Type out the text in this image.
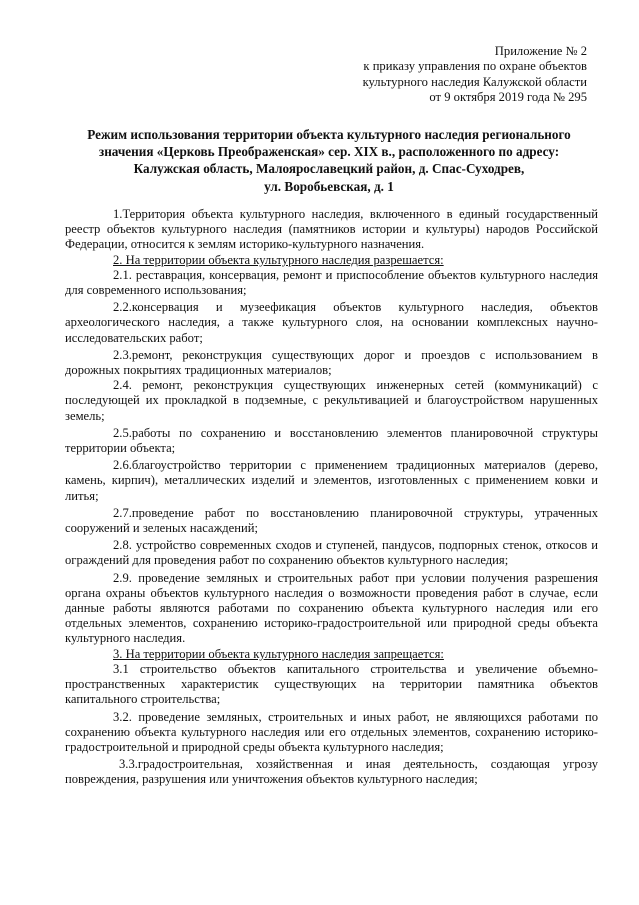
Приложение № 2
к приказу управления по охране объектов
культурного наследия Калужской области
от 9 октября 2019 года № 295
Режим использования территории объекта культурного наследия регионального
значения «Церковь Преображенская» сер. XIX в., расположенного по адресу:
Калужская область, Малоярославецкий район, д. Спас-Суходрев,
ул. Воробьевская, д. 1

1.Территория объекта культурного наследия, включенного в единый государственный реестр объектов культурного наследия (памятников истории и культуры) народов Российской Федерации, относится к землям историко-культурного назначения.

2. На территории объекта культурного наследия разрешается:

2.1. реставрация, консервация, ремонт и приспособление объектов культурного наследия для современного использования;

2.2.консервация и музеефикация объектов культурного наследия, объектов археологического наследия, а также культурного слоя, на основании комплексных научно-исследовательских работ;

2.3.ремонт, реконструкция существующих дорог и проездов с использованием в дорожных покрытиях традиционных материалов;

2.4. ремонт, реконструкция существующих инженерных сетей (коммуникаций) с последующей их прокладкой в подземные, с рекультивацией и благоустройством нарушенных земель;

2.5.работы по сохранению и восстановлению элементов планировочной структуры территории объекта;

2.6.благоустройство территории с применением традиционных материалов (дерево, камень, кирпич), металлических изделий и элементов, изготовленных с применением ковки и литья;

2.7.проведение работ по восстановлению планировочной структуры, утраченных сооружений и зеленых насаждений;

2.8. устройство современных сходов и ступеней, пандусов, подпорных стенок, откосов и ограждений для проведения работ по сохранению объектов культурного наследия;

2.9. проведение земляных и строительных работ при условии получения разрешения органа охраны объектов культурного наследия о возможности проведения работ в случае, если данные работы являются работами по сохранению объекта культурного наследия или его отдельных элементов, сохранению историко-градостроительной или природной среды объекта культурного наследия.

3. На территории объекта культурного наследия запрещается:

3.1 строительство объектов капитального строительства и увеличение объемно-пространственных характеристик существующих на территории памятника объектов капитального строительства;

3.2. проведение земляных, строительных и иных работ, не являющихся работами по сохранению объекта культурного наследия или его отдельных элементов, сохранению историко-градостроительной и природной среды объекта культурного наследия;

3.3.градостроительная, хозяйственная и иная деятельность, создающая угрозу повреждения, разрушения или уничтожения объектов культурного наследия;
